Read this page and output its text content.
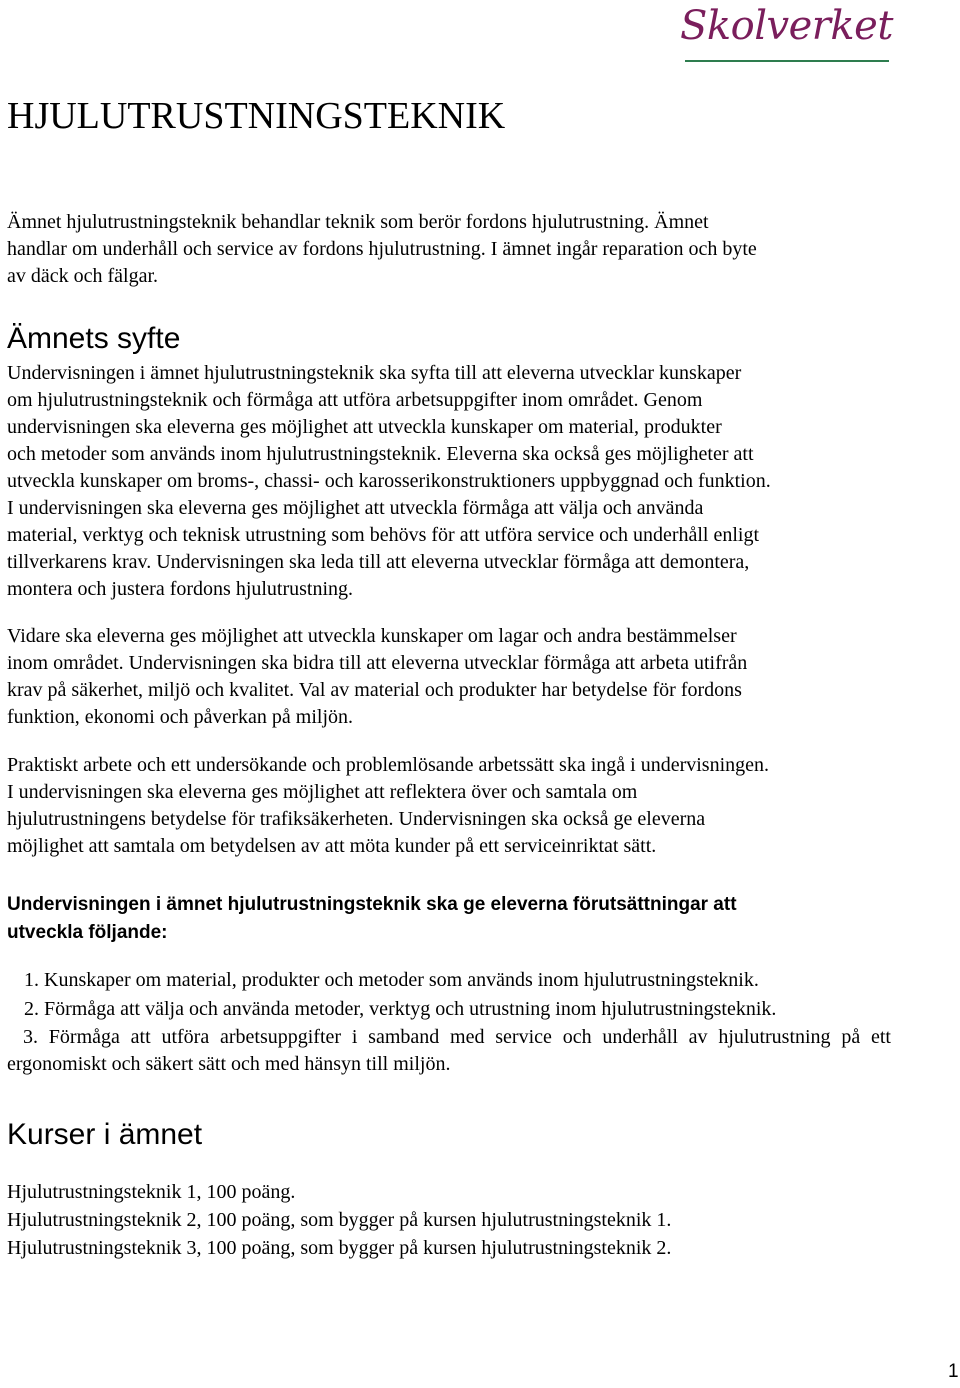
Skolverket
HJULUTRUSTNINGSTEKNIK

Ämnet hjulutrustningsteknik behandlar teknik som berör fordons hjulutrustning. Ämnet
handlar om underhåll och service av fordons hjulutrustning. I ämnet ingår reparation och byte
av däck och fälgar.

Ämnets syfte

Undervisningen i ämnet hjulutrustningsteknik ska syfta till att eleverna utvecklar kunskaper
om hjulutrustningsteknik och förmåga att utföra arbetsuppgifter inom området. Genom
undervisningen ska eleverna ges möjlighet att utveckla kunskaper om material, produkter
och metoder som används inom hjulutrustningsteknik. Eleverna ska också ges möjligheter att
utveckla kunskaper om broms-, chassi- och karosserikonstruktioners uppbyggnad och funktion.
I undervisningen ska eleverna ges möjlighet att utveckla förmåga att välja och använda
material, verktyg och teknisk utrustning som behövs för att utföra service och underhåll enligt
tillverkarens krav. Undervisningen ska leda till att eleverna utvecklar förmåga att demontera,
montera och justera fordons hjulutrustning.

Vidare ska eleverna ges möjlighet att utveckla kunskaper om lagar och andra bestämmelser
inom området. Undervisningen ska bidra till att eleverna utvecklar förmåga att arbeta utifrån
krav på säkerhet, miljö och kvalitet. Val av material och produkter har betydelse för fordons
funktion, ekonomi och påverkan på miljön.

Praktiskt arbete och ett undersökande och problemlösande arbetssätt ska ingå i undervisningen.
I undervisningen ska eleverna ges möjlighet att reflektera över och samtala om
hjulutrustningens betydelse för trafiksäkerheten. Undervisningen ska också ge eleverna
möjlighet att samtala om betydelsen av att möta kunder på ett serviceinriktat sätt.

Undervisningen i ämnet hjulutrustningsteknik ska ge eleverna förutsättningar att
utveckla följande:

1. Kunskaper om material, produkter och metoder som används inom hjulutrustningsteknik.

2. Förmåga att välja och använda metoder, verktyg och utrustning inom hjulutrustningsteknik.

3. Förmåga att utföra arbetsuppgifter i samband med service och underhåll av hjulutrustning på ett ergonomiskt och säkert sätt och med hänsyn till miljön.

Kurser i ämnet

Hjulutrustningsteknik 1, 100 poäng.

Hjulutrustningsteknik 2, 100 poäng, som bygger på kursen hjulutrustningsteknik 1.

Hjulutrustningsteknik 3, 100 poäng, som bygger på kursen hjulutrustningsteknik 2.

1
